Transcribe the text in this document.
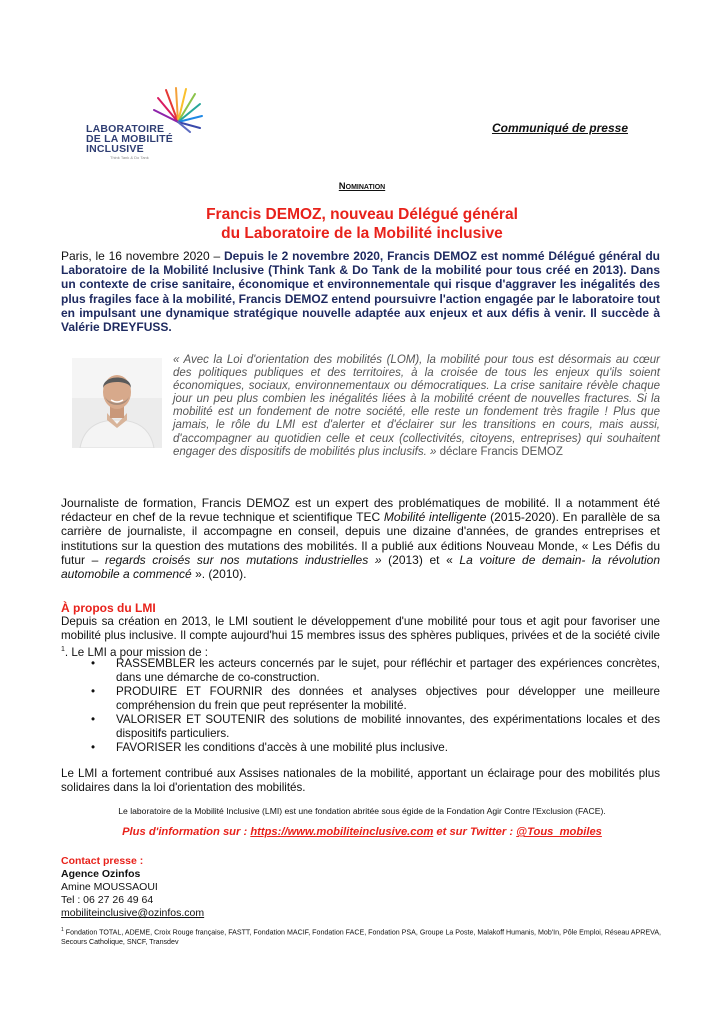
LABORATOIRE
DE LA MOBILITÉ
INCLUSIVE
Think Tank & Do Tank
Communiqué de presse
Nomination
Francis DEMOZ, nouveau Délégué général
du Laboratoire de la Mobilité inclusive
Paris, le 16 novembre 2020 – Depuis le 2 novembre 2020, Francis DEMOZ est nommé Délégué général du Laboratoire de la Mobilité Inclusive (Think Tank & Do Tank de la mobilité pour tous créé en 2013). Dans un contexte de crise sanitaire, économique et environnementale qui risque d'aggraver les inégalités des plus fragiles face à la mobilité, Francis DEMOZ entend poursuivre l'action engagée par le laboratoire tout en impulsant une dynamique stratégique nouvelle adaptée aux enjeux et aux défis à venir. Il succède à Valérie DREYFUSS.
« Avec la Loi d'orientation des mobilités (LOM), la mobilité pour tous est désormais au cœur des politiques publiques et des territoires, à la croisée de tous les enjeux qu'ils soient économiques, sociaux, environnementaux ou démocratiques. La crise sanitaire révèle chaque jour un peu plus combien les inégalités liées à la mobilité créent de nouvelles fractures. Si la mobilité est un fondement de notre société, elle reste un fondement très fragile ! Plus que jamais, le rôle du LMI est d'alerter et d'éclairer sur les transitions en cours, mais aussi, d'accompagner au quotidien celle et ceux (collectivités, citoyens, entreprises) qui souhaitent engager des dispositifs de mobilités plus inclusifs. » déclare Francis DEMOZ
Journaliste de formation, Francis DEMOZ est un expert des problématiques de mobilité. Il a notamment été rédacteur en chef de la revue technique et scientifique TEC Mobilité intelligente (2015-2020). En parallèle de sa carrière de journaliste, il accompagne en conseil, depuis une dizaine d'années, de grandes entreprises et institutions sur la question des mutations des mobilités. Il a publié aux éditions Nouveau Monde, « Les Défis du futur – regards croisés sur nos mutations industrielles » (2013) et « La voiture de demain- la révolution automobile a commencé ». (2010).
À propos du LMI
Depuis sa création en 2013, le LMI soutient le développement d'une mobilité pour tous et agit pour favoriser une mobilité plus inclusive. Il compte aujourd'hui 15 membres issus des sphères publiques, privées et de la société civile $^1$. Le LMI a pour mission de :
• RASSEMBLER les acteurs concernés par le sujet, pour réfléchir et partager des expériences concrètes, dans une démarche de co-construction.
• PRODUIRE ET FOURNIR des données et analyses objectives pour développer une meilleure compréhension du frein que peut représenter la mobilité.
• VALORISER ET SOUTENIR des solutions de mobilité innovantes, des expérimentations locales et des dispositifs particuliers.
• FAVORISER les conditions d'accès à une mobilité plus inclusive.
Le LMI a fortement contribué aux Assises nationales de la mobilité, apportant un éclairage pour des mobilités plus solidaires dans la loi d'orientation des mobilités.
Le laboratoire de la Mobilité Inclusive (LMI) est une fondation abritée sous égide de la Fondation Agir Contre l'Exclusion (FACE).
Plus d'information sur : https://www.mobiliteinclusive.com et sur Twitter : @Tous_mobiles
Contact presse :
Agence Ozinfos
Amine MOUSSAOUI
Tel : 06 27 26 49 64
mobiliteinclusive@ozinfos.com
$^1$ Fondation TOTAL, ADEME, Croix Rouge française, FASTT, Fondation MACIF, Fondation FACE, Fondation PSA, Groupe La Poste, Malakoff Humanis, Mob'In, Pôle Emploi, Réseau APREVA, Secours Catholique, SNCF, Transdev
